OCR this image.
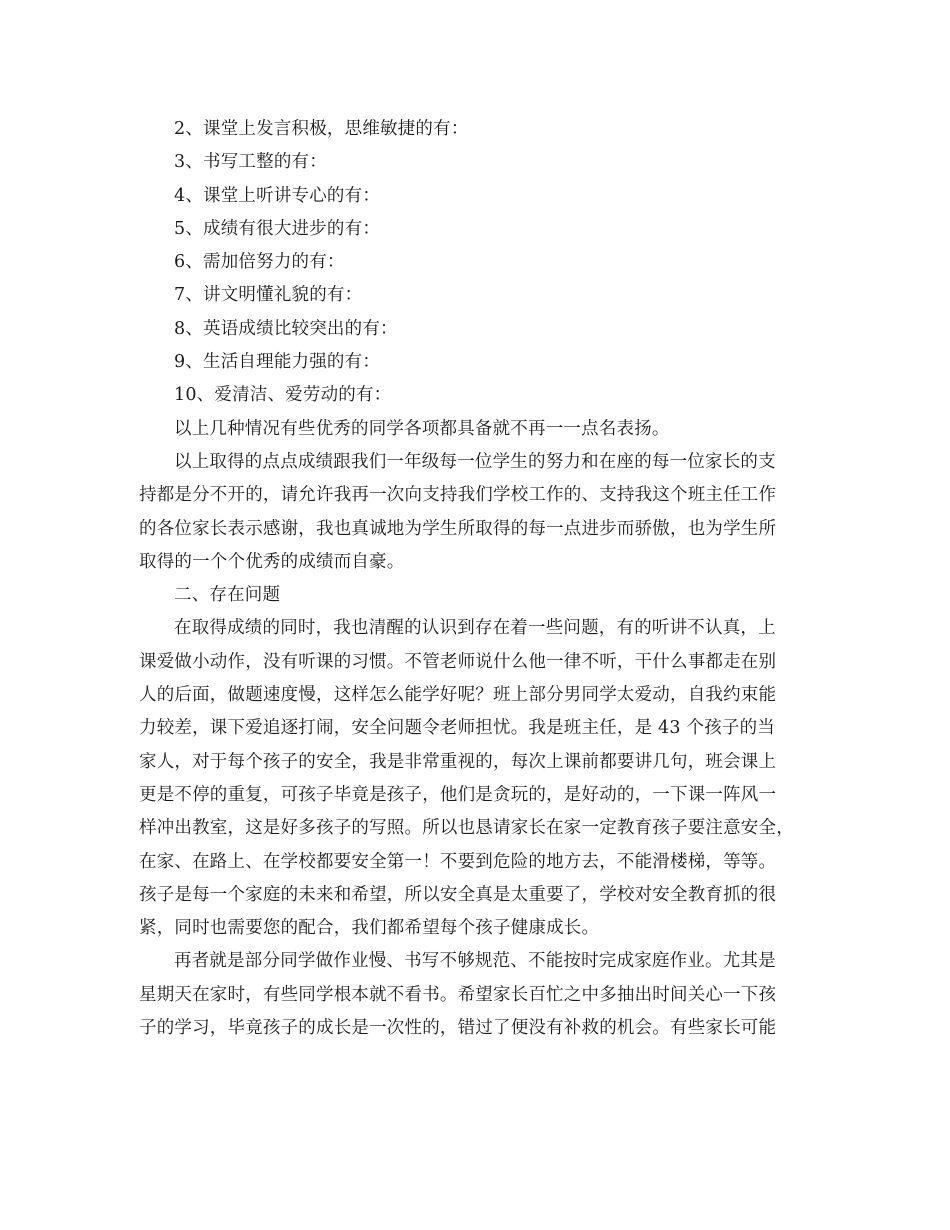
2、课堂上发言积极，思维敏捷的有：

3、书写工整的有：

4、课堂上听讲专心的有：

5、成绩有很大进步的有：

6、需加倍努力的有：

7、讲文明懂礼貌的有：

8、英语成绩比较突出的有：

9、生活自理能力强的有：

10、爱清洁、爱劳动的有：

以上几种情况有些优秀的同学各项都具备就不再一一点名表扬。

以上取得的点点成绩跟我们一年级每一位学生的努力和在座的每一位家长的支

持都是分不开的，请允许我再一次向支持我们学校工作的、支持我这个班主任工作

的各位家长表示感谢，我也真诚地为学生所取得的每一点进步而骄傲，也为学生所

取得的一个个优秀的成绩而自豪。

二、存在问题

在取得成绩的同时，我也清醒的认识到存在着一些问题，有的听讲不认真，上

课爱做小动作，没有听课的习惯。不管老师说什么他一律不听，干什么事都走在别

人的后面，做题速度慢，这样怎么能学好呢？班上部分男同学太爱动，自我约束能

力较差，课下爱追逐打闹，安全问题令老师担忧。我是班主任，是 43 个孩子的当

家人，对于每个孩子的安全，我是非常重视的，每次上课前都要讲几句，班会课上

更是不停的重复，可孩子毕竟是孩子，他们是贪玩的，是好动的，一下课一阵风一

样冲出教室，这是好多孩子的写照。所以也恳请家长在家一定教育孩子要注意安全，

在家、在路上、在学校都要安全第一！不要到危险的地方去，不能滑楼梯，等等。

孩子是每一个家庭的未来和希望，所以安全真是太重要了，学校对安全教育抓的很

紧，同时也需要您的配合，我们都希望每个孩子健康成长。

再者就是部分同学做作业慢、书写不够规范、不能按时完成家庭作业。尤其是

星期天在家时，有些同学根本就不看书。希望家长百忙之中多抽出时间关心一下孩

子的学习，毕竟孩子的成长是一次性的，错过了便没有补救的机会。有些家长可能
